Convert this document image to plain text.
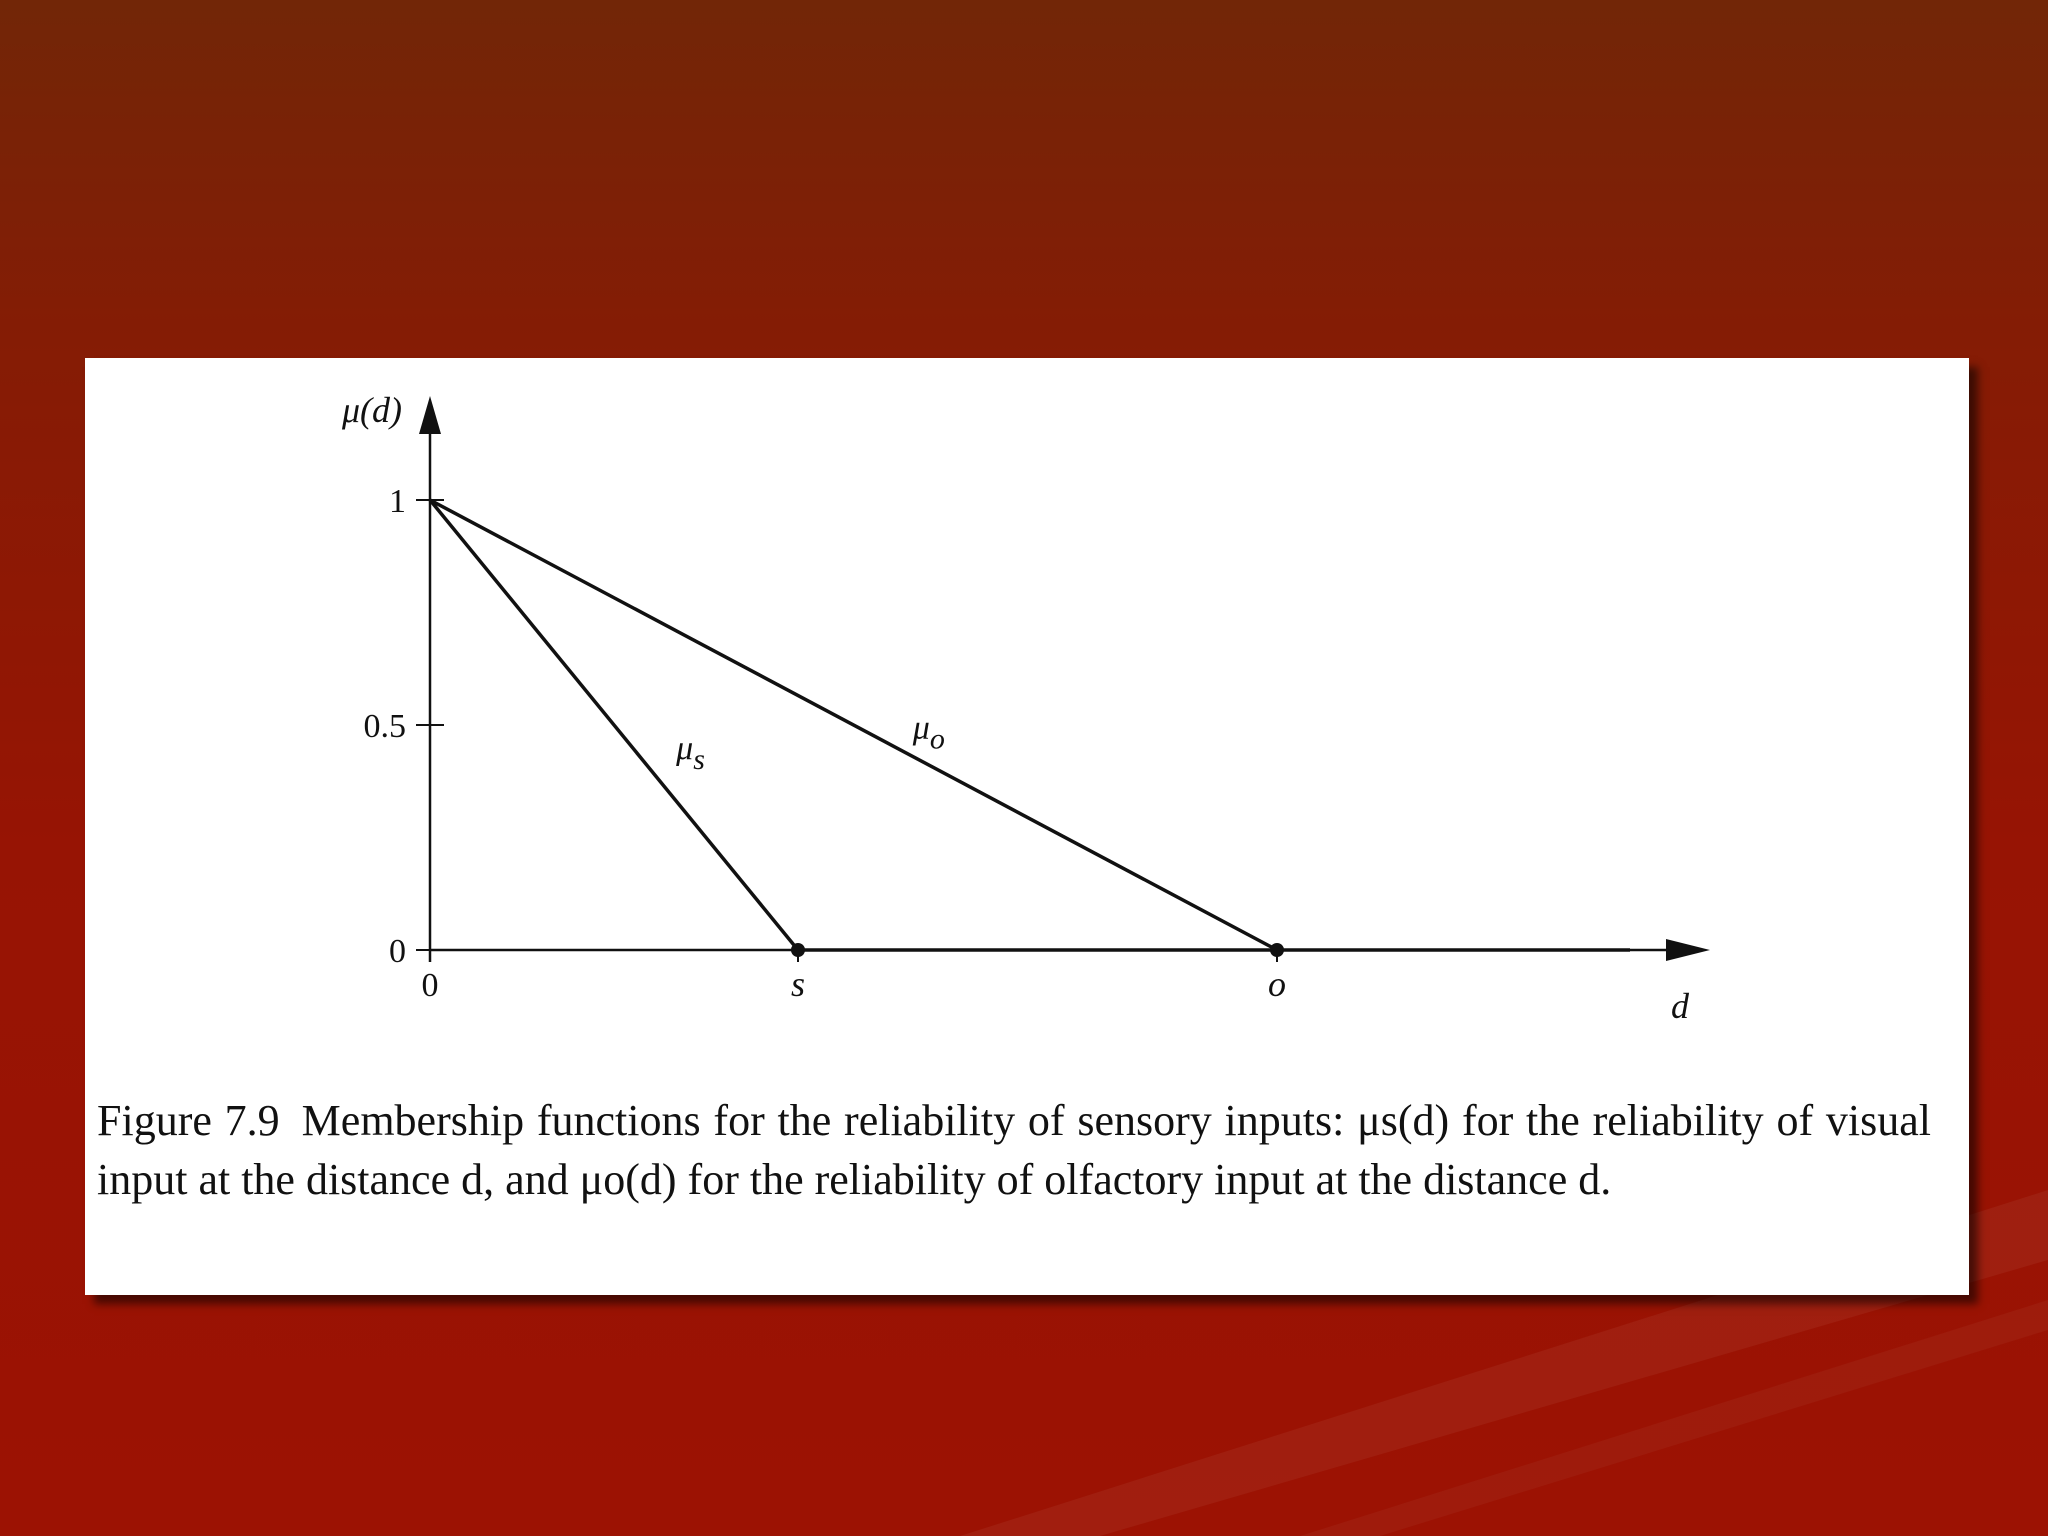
0
0.5
1
0	s	o
μ(d)
d
μs
μo

Figure 7.9 Membership functions for the reliability of sensory inputs: μs(d) for the reliability of visual input at the distance d, and μo(d) for the reliability of olfactory input at the distance d.
